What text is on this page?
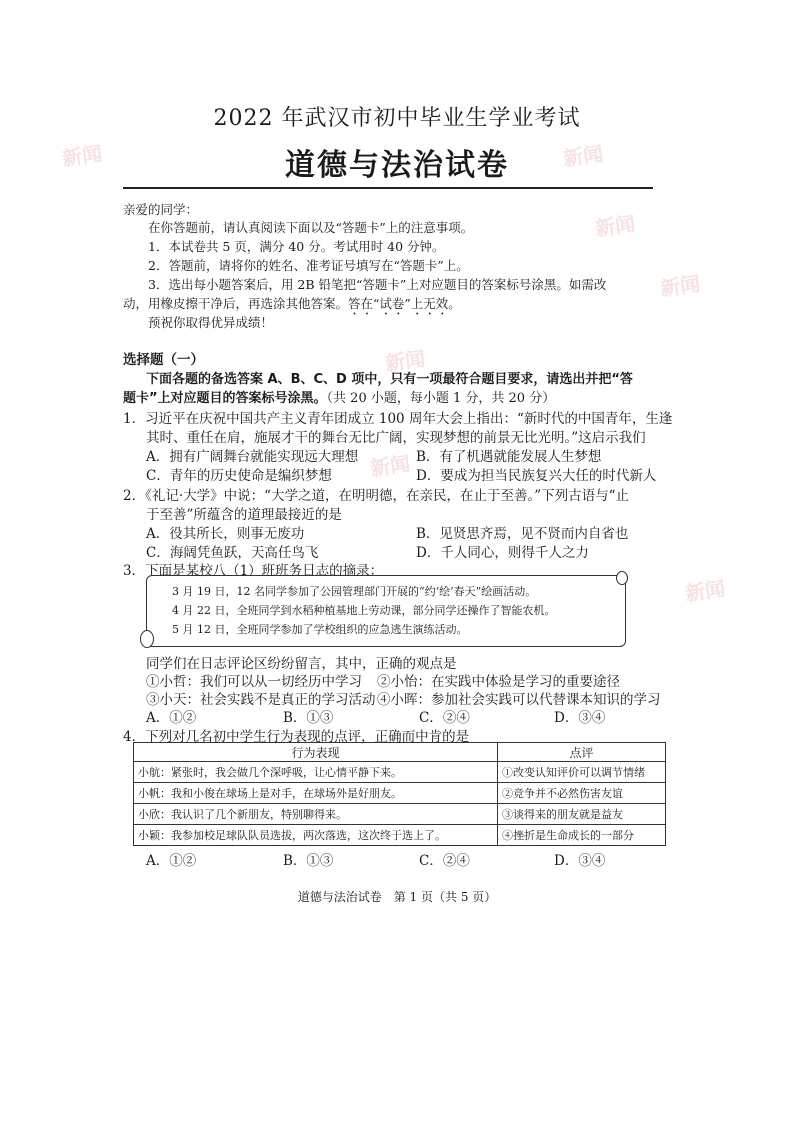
新闻	新闻
新闻
新闻
新闻
新闻
新闻
2022 年武汉市初中毕业生学业考试
道德与法治试卷
亲爱的同学：
在你答题前，请认真阅读下面以及“答题卡”上的注意事项。
1．本试卷共 5 页，满分 40 分。考试用时 40 分钟。
2．答题前，请将你的姓名、准考证号填写在“答题卡”上。
3．选出每小题答案后，用 2B 铅笔把“答题卡”上对应题目的答案标号涂黑。如需改
动，用橡皮擦干净后，再选涂其他答案。答在“试卷”上无效。
预祝你取得优异成绩！
选择题（一）
下面各题的备选答案 A、B、C、D 项中，只有一项最符合题目要求，请选出并把“答
题卡”上对应题目的答案标号涂黑。（共 20 小题，每小题 1 分，共 20 分）
1．习近平在庆祝中国共产主义青年团成立 100 周年大会上指出：“新时代的中国青年，生逢
其时、重任在肩，施展才干的舞台无比广阔，实现梦想的前景无比光明。”这启示我们
A．拥有广阔舞台就能实现远大理想	B．有了机遇就能发展人生梦想
C．青年的历史使命是编织梦想	D．要成为担当民族复兴大任的时代新人
2．《礼记·大学》中说：“大学之道，在明明德，在亲民，在止于至善。”下列古语与“止
于至善”所蕴含的道理最接近的是
A．役其所长，则事无废功	B．见贤思齐焉，见不贤而内自省也
C．海阔凭鱼跃，天高任鸟飞	D．千人同心，则得千人之力
3．下面是某校八（1）班班务日志的摘录：
3 月 19 日，12 名同学参加了公园管理部门开展的“约‘绘’春天”绘画活动。
4 月 22 日，全班同学到水稻种植基地上劳动课，部分同学还操作了智能农机。
5 月 12 日，全班同学参加了学校组织的应急逃生演练活动。
同学们在日志评论区纷纷留言，其中，正确的观点是
①小哲：我们可以从一切经历中学习 ②小怡：在实践中体验是学习的重要途径
③小天：社会实践不是真正的学习活动 ④小晖：参加社会实践可以代替课本知识的学习
A．①②	B．①③	C．②④	D．③④
4．下列对几名初中学生行为表现的点评，正确而中肯的是
行为表现	点评
小航：紧张时，我会做几个深呼吸，让心情平静下来。	①改变认知评价可以调节情绪
小帆：我和小俊在球场上是对手，在球场外是好朋友。	②竞争并不必然伤害友谊
小欣：我认识了几个新朋友，特别聊得来。	③谈得来的朋友就是益友
小颖：我参加校足球队队员选拔，两次落选，这次终于选上了。	④挫折是生命成长的一部分
A．①②	B．①③	C．②④	D．③④
道德与法治试卷　第 1 页（共 5 页）
